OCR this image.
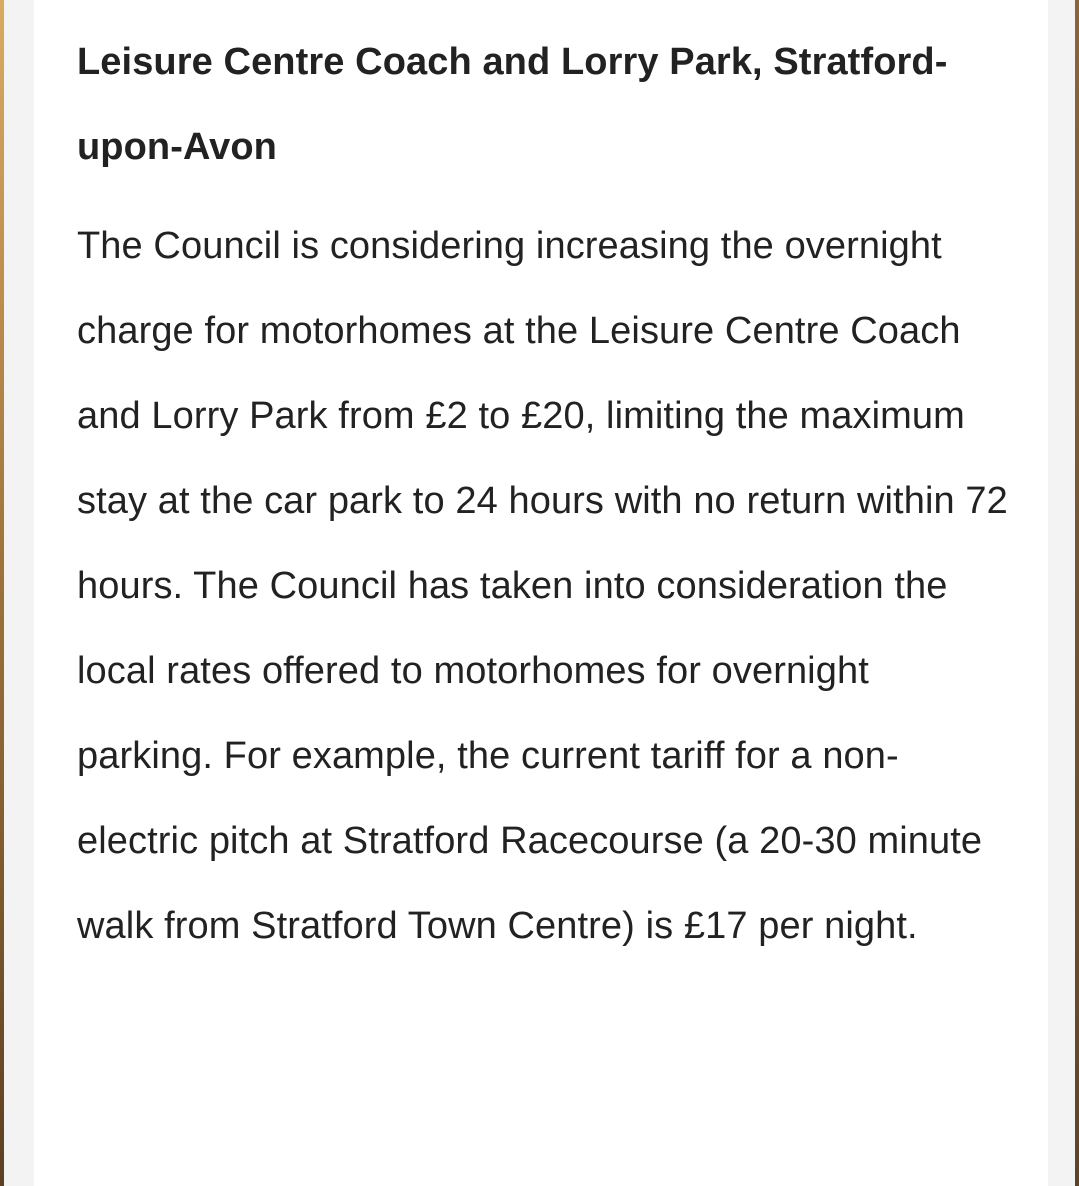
Leisure Centre Coach and Lorry Park, Stratford-upon-Avon

The Council is considering increasing the overnight charge for motorhomes at the Leisure Centre Coach and Lorry Park from £2 to £20, limiting the maximum stay at the car park to 24 hours with no return within 72 hours. The Council has taken into consideration the local rates offered to motorhomes for overnight parking. For example, the current tariff for a non-electric pitch at Stratford Racecourse (a 20-30 minute walk from Stratford Town Centre) is £17 per night.
